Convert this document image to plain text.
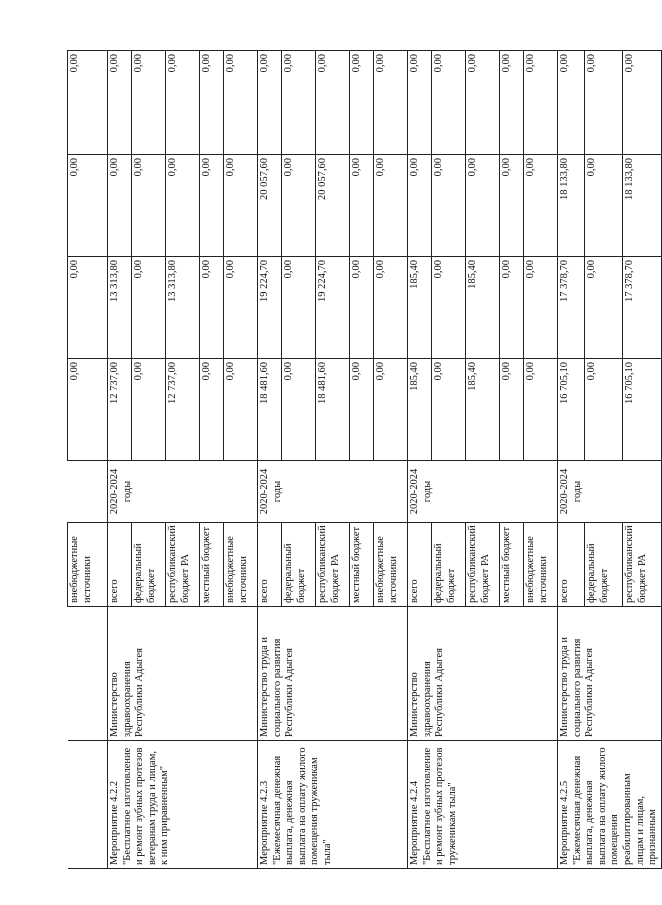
		внебюджетные источники		0,00	0,00	0,00	0,00
Мероприятие 4.2.2 "Бесплатное изготовление и ремонт зубных протезов ветеранам труда и лицам, к ним приравненным"	Министерство здравоохранения Республики Адыгея	всего	2020-2024 годы	12 737,00	13 313,80	0,00	0,00
		федеральный бюджет		0,00	0,00	0,00	0,00
		республиканский бюджет РА		12 737,00	13 313,80	0,00	0,00
		местный бюджет		0,00	0,00	0,00	0,00
		внебюджетные источники		0,00	0,00	0,00	0,00
Мероприятие 4.2.3 "Ежемесячная денежная выплата, денежная выплата на оплату жилого помещения труженикам тыла"	Министерство труда и социального развития Республики Адыгея	всего	2020-2024 годы	18 481,60	19 224,70	20 057,60	0,00
		федеральный бюджет		0,00	0,00	0,00	0,00
		республиканский бюджет РА		18 481,60	19 224,70	20 057,60	0,00
		местный бюджет		0,00	0,00	0,00	0,00
		внебюджетные источники		0,00	0,00	0,00	0,00
Мероприятие 4.2.4 "Бесплатное изготовление и ремонт зубных протезов труженикам тыла"	Министерство здравоохранения Республики Адыгея	всего	2020-2024 годы	185,40	185,40	0,00	0,00
		федеральный бюджет		0,00	0,00	0,00	0,00
		республиканский бюджет РА		185,40	185,40	0,00	0,00
		местный бюджет		0,00	0,00	0,00	0,00
		внебюджетные источники		0,00	0,00	0,00	0,00
Мероприятие 4.2.5 "Ежемесячная денежная выплата, денежная выплата на оплату жилого помещения реабилитированным лицам и лицам, признанным	Министерство труда и социального развития Республики Адыгея	всего	2020-2024 годы	16 705,10	17 378,70	18 133,80	0,00
		федеральный бюджет		0,00	0,00	0,00	0,00
		республиканский бюджет РА		16 705,10	17 378,70	18 133,80	0,00
